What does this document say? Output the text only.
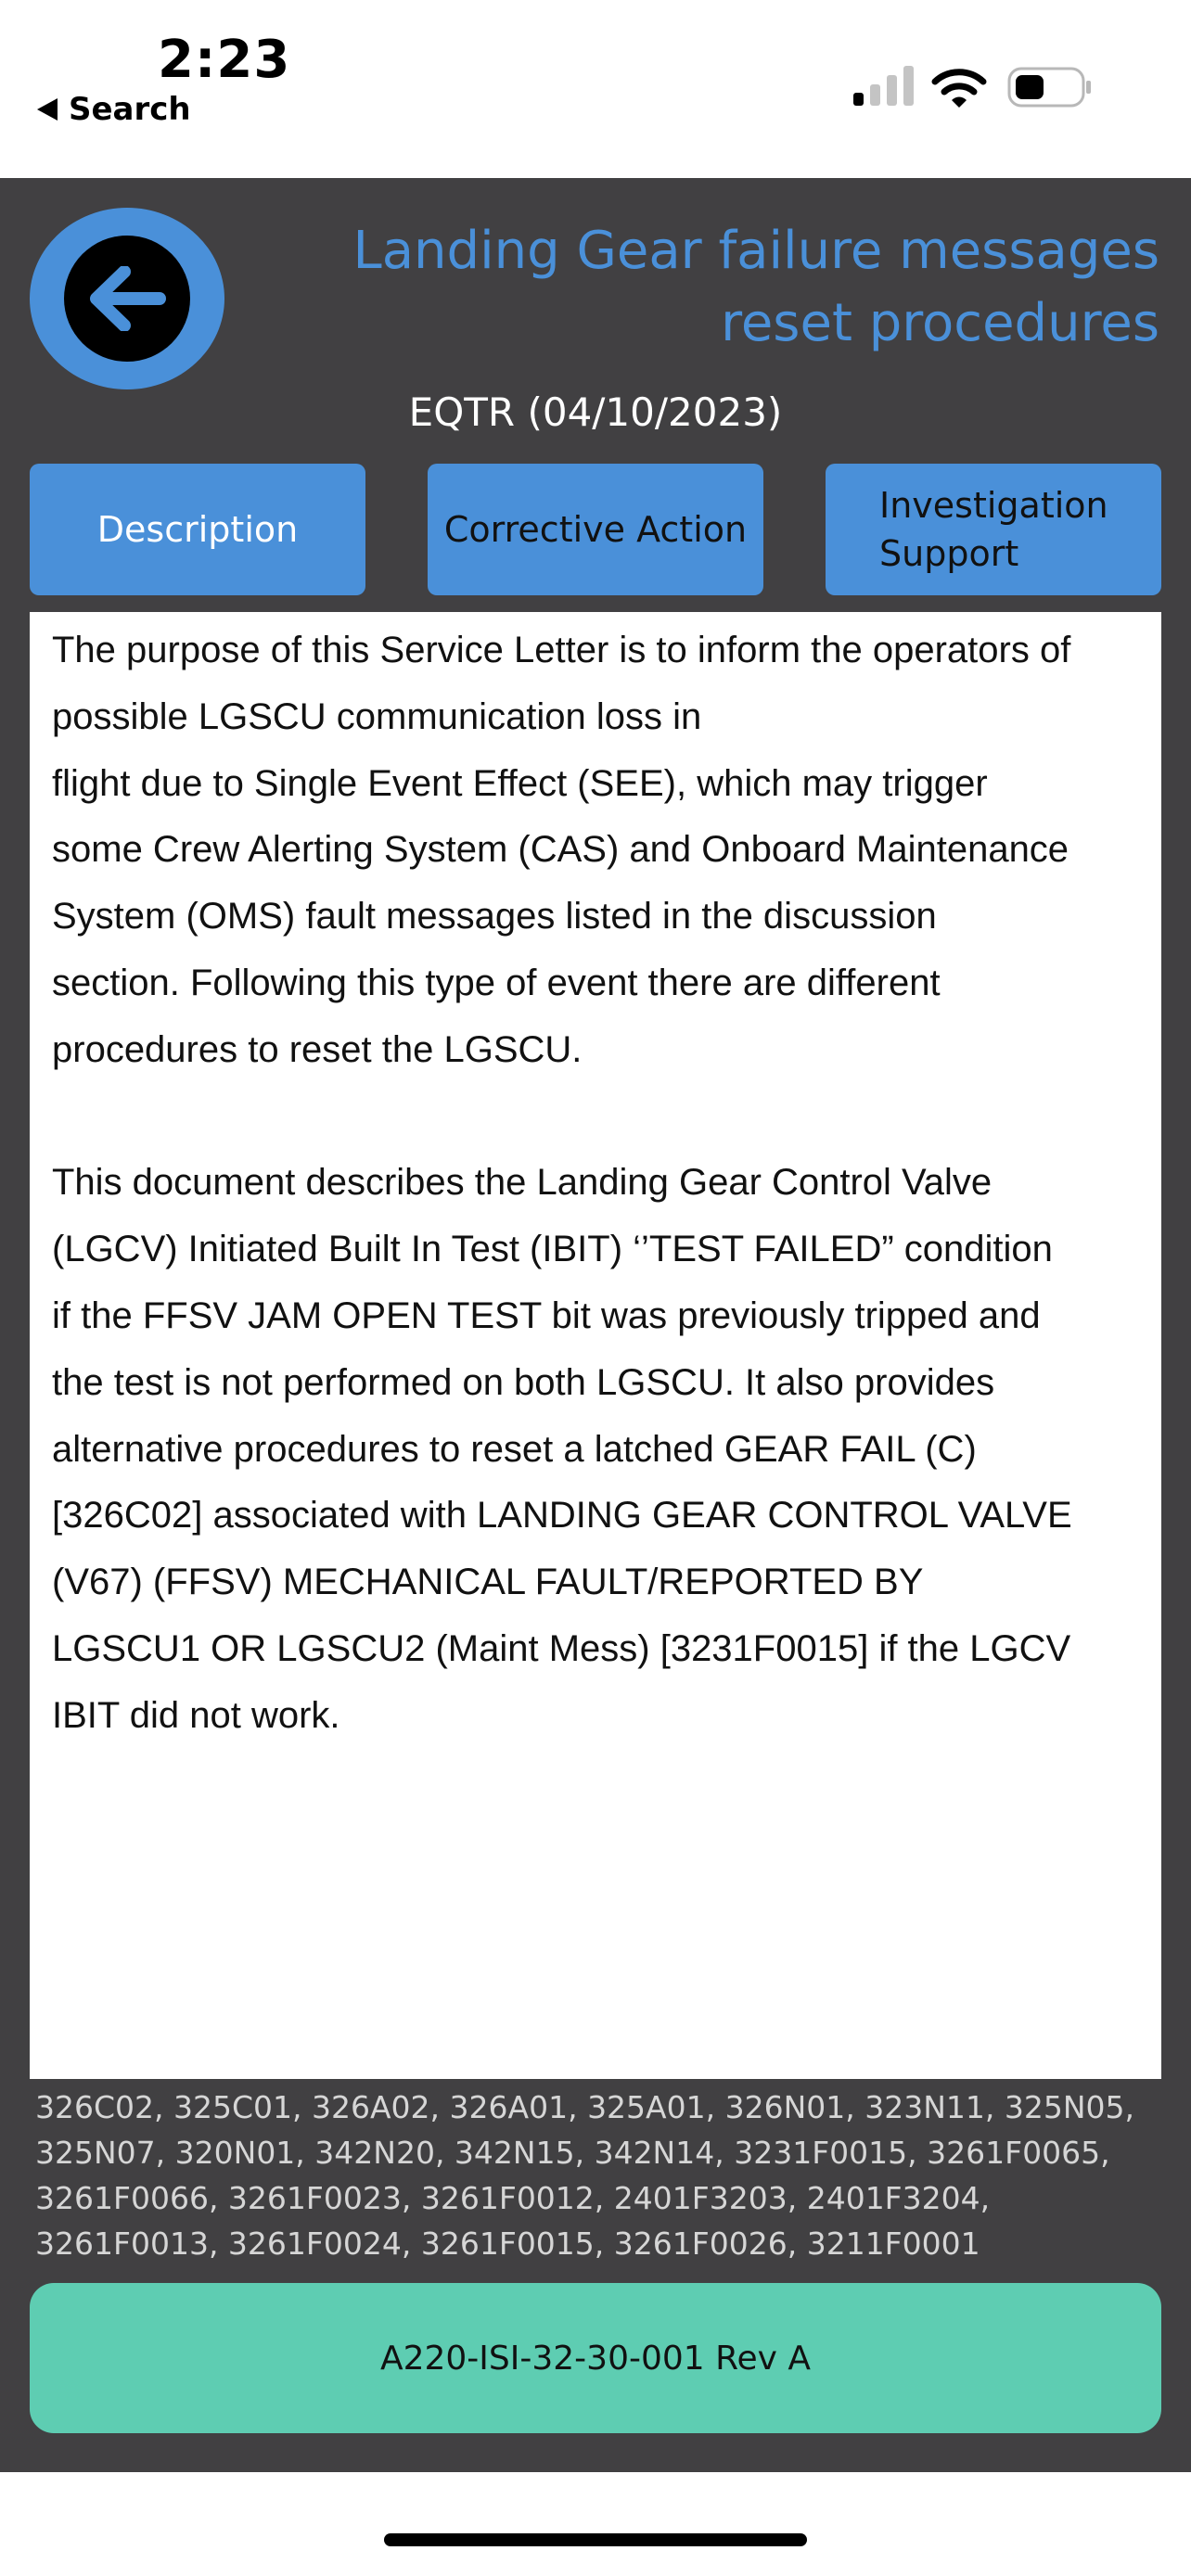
2:23
Search
Landing Gear failure messages reset procedures
EQTR (04/10/2023)
Description	Corrective Action
Investigation Support
The purpose of this Service Letter is to inform the operators of
possible LGSCU communication loss in
flight due to Single Event Effect (SEE), which may trigger
some Crew Alerting System (CAS) and Onboard Maintenance
System (OMS) fault messages listed in the discussion
section. Following this type of event there are different
procedures to reset the LGSCU.

This document describes the Landing Gear Control Valve
(LGCV) Initiated Built In Test (IBIT) ‘’TEST FAILED” condition
if the FFSV JAM OPEN TEST bit was previously tripped and
the test is not performed on both LGSCU. It also provides
alternative procedures to reset a latched GEAR FAIL (C)
[326C02] associated with LANDING GEAR CONTROL VALVE
(V67) (FFSV) MECHANICAL FAULT/REPORTED BY
LGSCU1 OR LGSCU2 (Maint Mess) [3231F0015] if the LGCV
IBIT did not work.
326C02, 325C01, 326A02, 326A01, 325A01, 326N01, 323N11, 325N05, 325N07, 320N01, 342N20, 342N15, 342N14, 3231F0015, 3261F0065, 3261F0066, 3261F0023, 3261F0012, 2401F3203, 2401F3204, 3261F0013, 3261F0024, 3261F0015, 3261F0026, 3211F0001
A220-ISI-32-30-001 Rev A
